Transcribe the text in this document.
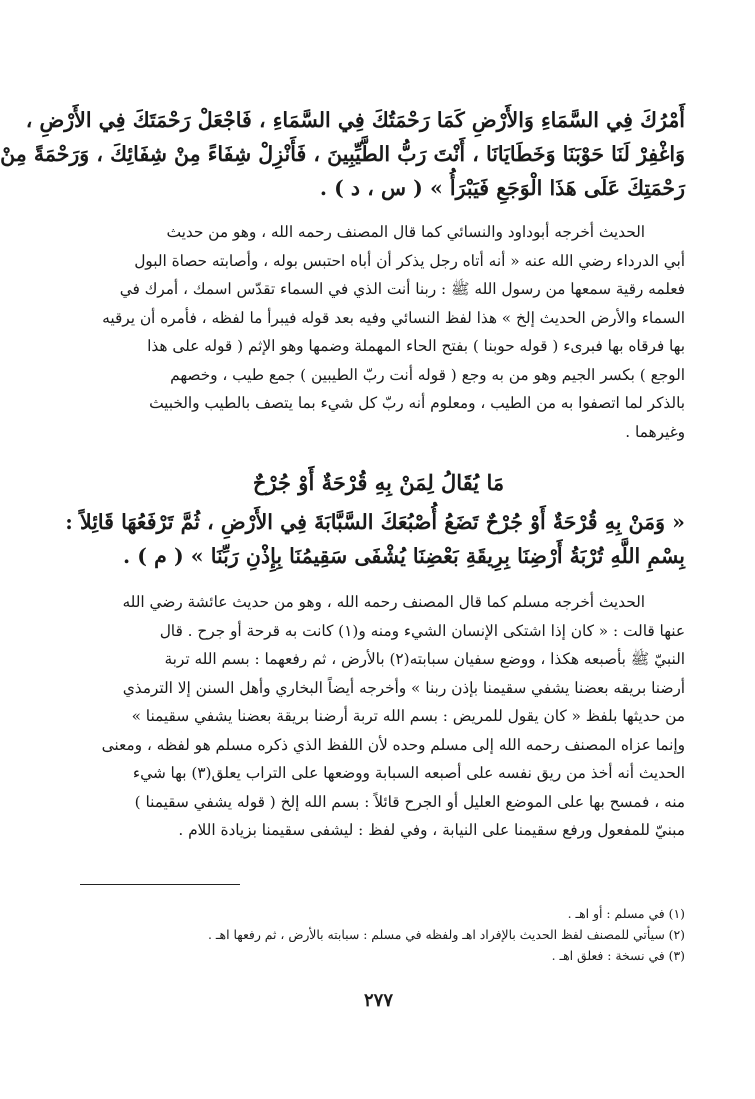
أَمْرُكَ فِي السَّمَاءِ وَالأَرْضِ كَمَا رَحْمَتُكَ فِي السَّمَاءِ ، فَاجْعَلْ رَحْمَتَكَ فِي الأَرْضِ ،

وَاغْفِرْ لَنَا حَوْبَنَا وَخَطَايَانَا ، أَنْتَ رَبُّ الطَّيِّبِينَ ، فَأَنْزِلْ شِفَاءً مِنْ شِفَائِكَ ، وَرَحْمَةً مِنْ

رَحْمَتِكَ عَلَى هَذَا الْوَجَعِ فَيَبْرَأُ » ( س ، د ) .

الحديث أخرجه أبوداود والنسائي كما قال المصنف رحمه الله ، وهو من حديث

أبي الدرداء رضي الله عنه « أنه أتاه رجل يذكر أن أباه احتبس بوله ، وأصابته حصاة البول

فعلمه رقية سمعها من رسول الله ﷺ : ربنا أنت الذي في السماء تقدّس اسمك ، أمرك في

السماء والأرض الحديث إلخ » هذا لفظ النسائي وفيه بعد قوله فيبرأ ما لفظه ، فأمره أن يرقيه

بها فرقاه بها فبرىء ( قوله حوبنا ) بفتح الحاء المهملة وضمها وهو الإثم ( قوله على هذا

الوجع ) بكسر الجيم وهو من به وجع ( قوله أنت ربّ الطيبين ) جمع طيب ، وخصهم

بالذكر لما اتصفوا به من الطيب ، ومعلوم أنه ربّ كل شيء بما يتصف بالطيب والخبيث

وغيرهما .

مَا يُقَالُ لِمَنْ بِهِ قُرْحَةٌ أَوْ جُرْحٌ

« وَمَنْ بِهِ قُرْحَةٌ أَوْ جُرْحٌ تَضَعُ أُصْبُعَكَ السَّبَّابَةَ فِي الأَرْضِ ، ثُمَّ تَرْفَعُهَا قَائِلاً :

بِسْمِ اللَّهِ تُرْبَةُ أَرْضِنَا بِرِيقَةِ بَعْضِنَا يُشْفَى سَقِيمُنَا بِإِذْنِ رَبِّنَا » ( م ) .

الحديث أخرجه مسلم كما قال المصنف رحمه الله ، وهو من حديث عائشة رضي الله

عنها قالت : « كان إذا اشتكى الإنسان الشيء ومنه و(١) كانت به قرحة أو جرح . قال

النبيّ ﷺ بأصبعه هكذا ، ووضع سفيان سبابته(٢) بالأرض ، ثم رفعهما : بسم الله تربة

أرضنا بريقه بعضنا يشفي سقيمنا بإذن ربنا » وأخرجه أيضاً البخاري وأهل السنن إلا الترمذي

من حديثها بلفظ « كان يقول للمريض : بسم الله تربة أرضنا بريقة بعضنا يشفي سقيمنا »

وإنما عزاه المصنف رحمه الله إلى مسلم وحده لأن اللفظ الذي ذكره مسلم هو لفظه ، ومعنى

الحديث أنه أخذ من ريق نفسه على أصبعه السبابة ووضعها على التراب يعلق(٣) بها شيء

منه ، فمسح بها على الموضع العليل أو الجرح قائلاً : بسم الله إلخ ( قوله يشفي سقيمنا )

مبنيّ للمفعول ورفع سقيمنا على النيابة ، وفي لفظ : ليشفى سقيمنا بزيادة اللام .

(١) في مسلم : أو اهـ .

(٢) سيأتي للمصنف لفظ الحديث بالإفراد اهـ ولفظه في مسلم : سبابته بالأرض ، ثم رفعها اهـ .

(٣) في نسخة : فعلق اهـ .

٢٧٧
